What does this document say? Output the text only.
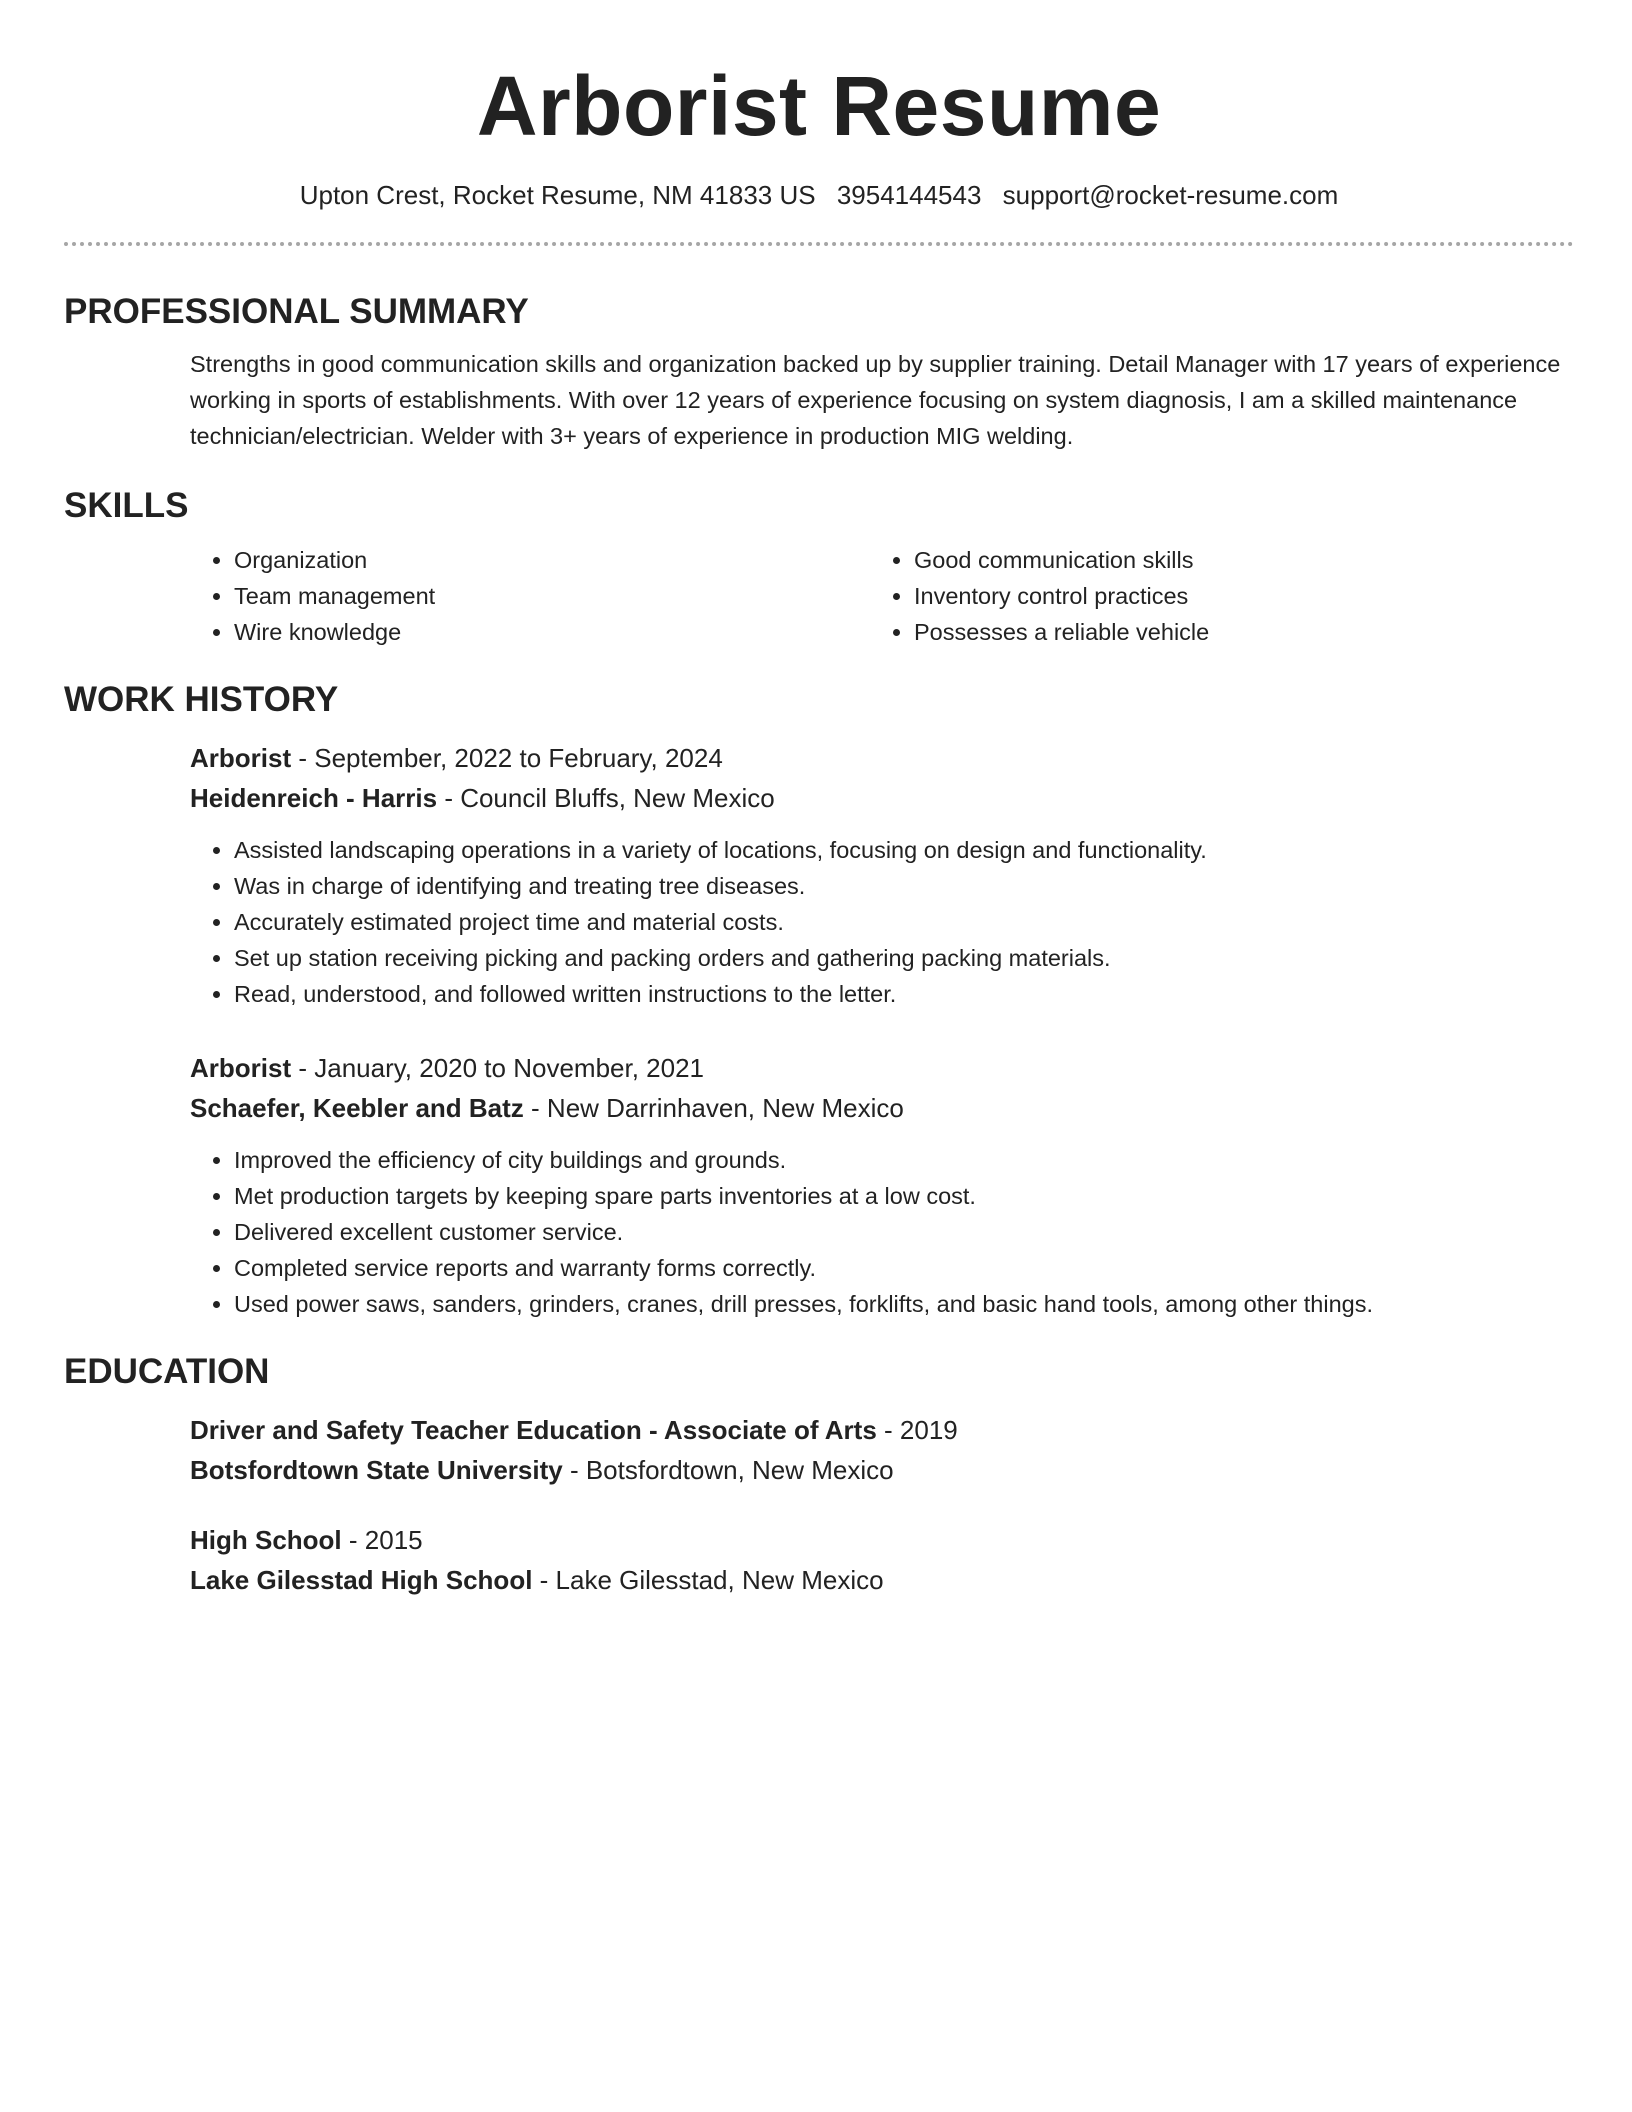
Arborist Resume
Upton Crest, Rocket Resume, NM 41833 US 3954144543 support@rocket-resume.com
PROFESSIONAL SUMMARY

Strengths in good communication skills and organization backed up by supplier training. Detail Manager with 17 years of experience working in sports of establishments. With over 12 years of experience focusing on system diagnosis, I am a skilled maintenance technician/electrician. Welder with 3+ years of experience in production MIG welding.

SKILLS
• Organization
• Team management
• Wire knowledge
• Good communication skills
• Inventory control practices
• Possesses a reliable vehicle
WORK HISTORY
Arborist - September, 2022 to February, 2024
Heidenreich - Harris - Council Bluffs, New Mexico
• Assisted landscaping operations in a variety of locations, focusing on design and functionality.
• Was in charge of identifying and treating tree diseases.
• Accurately estimated project time and material costs.
• Set up station receiving picking and packing orders and gathering packing materials.
• Read, understood, and followed written instructions to the letter.
Arborist - January, 2020 to November, 2021
Schaefer, Keebler and Batz - New Darrinhaven, New Mexico
• Improved the efficiency of city buildings and grounds.
• Met production targets by keeping spare parts inventories at a low cost.
• Delivered excellent customer service.
• Completed service reports and warranty forms correctly.
• Used power saws, sanders, grinders, cranes, drill presses, forklifts, and basic hand tools, among other things.
EDUCATION
Driver and Safety Teacher Education - Associate of Arts - 2019
Botsfordtown State University - Botsfordtown, New Mexico
High School - 2015
Lake Gilesstad High School - Lake Gilesstad, New Mexico
